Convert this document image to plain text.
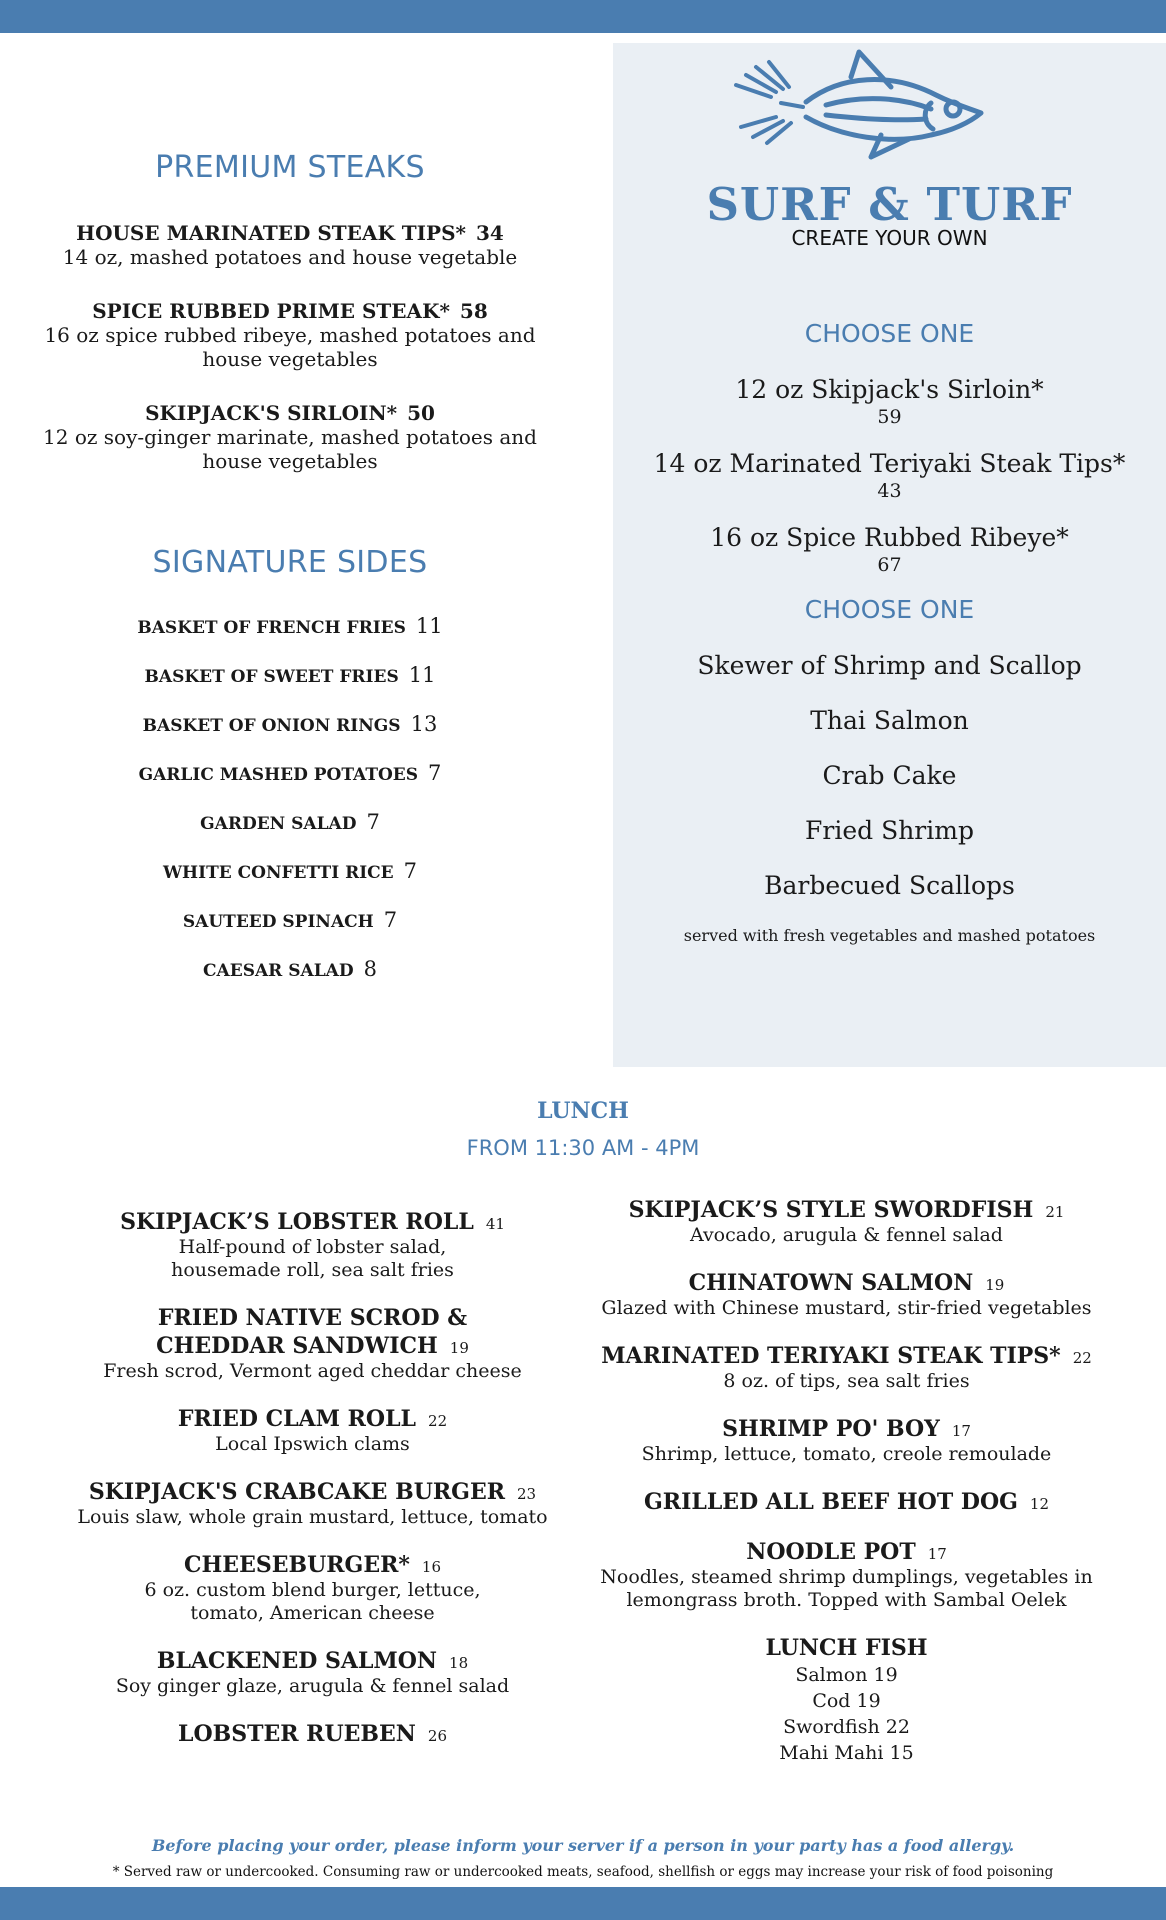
PREMIUM STEAKS
HOUSE MARINATED STEAK TIPS* 34
14 oz, mashed potatoes and house vegetable
SPICE RUBBED PRIME STEAK* 58
16 oz spice rubbed ribeye, mashed potatoes and house vegetables
SKIPJACK'S SIRLOIN* 50
12 oz soy-ginger marinate, mashed potatoes and house vegetables
SIGNATURE SIDES
BASKET OF FRENCH FRIES 11
BASKET OF SWEET FRIES 11
BASKET OF ONION RINGS 13
GARLIC MASHED POTATOES 7
GARDEN SALAD 7
WHITE CONFETTI RICE 7
SAUTEED SPINACH 7
CAESAR SALAD 8
SURF & TURF
CREATE YOUR OWN
CHOOSE ONE
12 oz Skipjack's Sirloin*
59
14 oz Marinated Teriyaki Steak Tips*
43
16 oz Spice Rubbed Ribeye*
67
CHOOSE ONE
Skewer of Shrimp and Scallop
Thai Salmon
Crab Cake
Fried Shrimp
Barbecued Scallops
served with fresh vegetables and mashed potatoes
LUNCH
FROM 11:30 AM - 4PM
SKIPJACK’S LOBSTER ROLL 41
Half-pound of lobster salad,
housemade roll, sea salt fries
FRIED NATIVE SCROD & CHEDDAR SANDWICH 19
Fresh scrod, Vermont aged cheddar cheese
FRIED CLAM ROLL 22
Local Ipswich clams
SKIPJACK'S CRABCAKE BURGER 23
Louis slaw, whole grain mustard, lettuce, tomato
CHEESEBURGER* 16
6 oz. custom blend burger, lettuce,
tomato, American cheese
BLACKENED SALMON 18
Soy ginger glaze, arugula & fennel salad
LOBSTER RUEBEN 26
SKIPJACK’S STYLE SWORDFISH 21
Avocado, arugula & fennel salad
CHINATOWN SALMON 19
Glazed with Chinese mustard, stir-fried vegetables
MARINATED TERIYAKI STEAK TIPS* 22
8 oz. of tips, sea salt fries
SHRIMP PO' BOY 17
Shrimp, lettuce, tomato, creole remoulade
GRILLED ALL BEEF HOT DOG 12
NOODLE POT 17
Noodles, steamed shrimp dumplings, vegetables in
lemongrass broth. Topped with Sambal Oelek
LUNCH FISH
Salmon 19
Cod 19
Swordfish 22
Mahi Mahi 15
Before placing your order, please inform your server if a person in your party has a food allergy.
* Served raw or undercooked. Consuming raw or undercooked meats, seafood, shellfish or eggs may increase your risk of food poisoning
